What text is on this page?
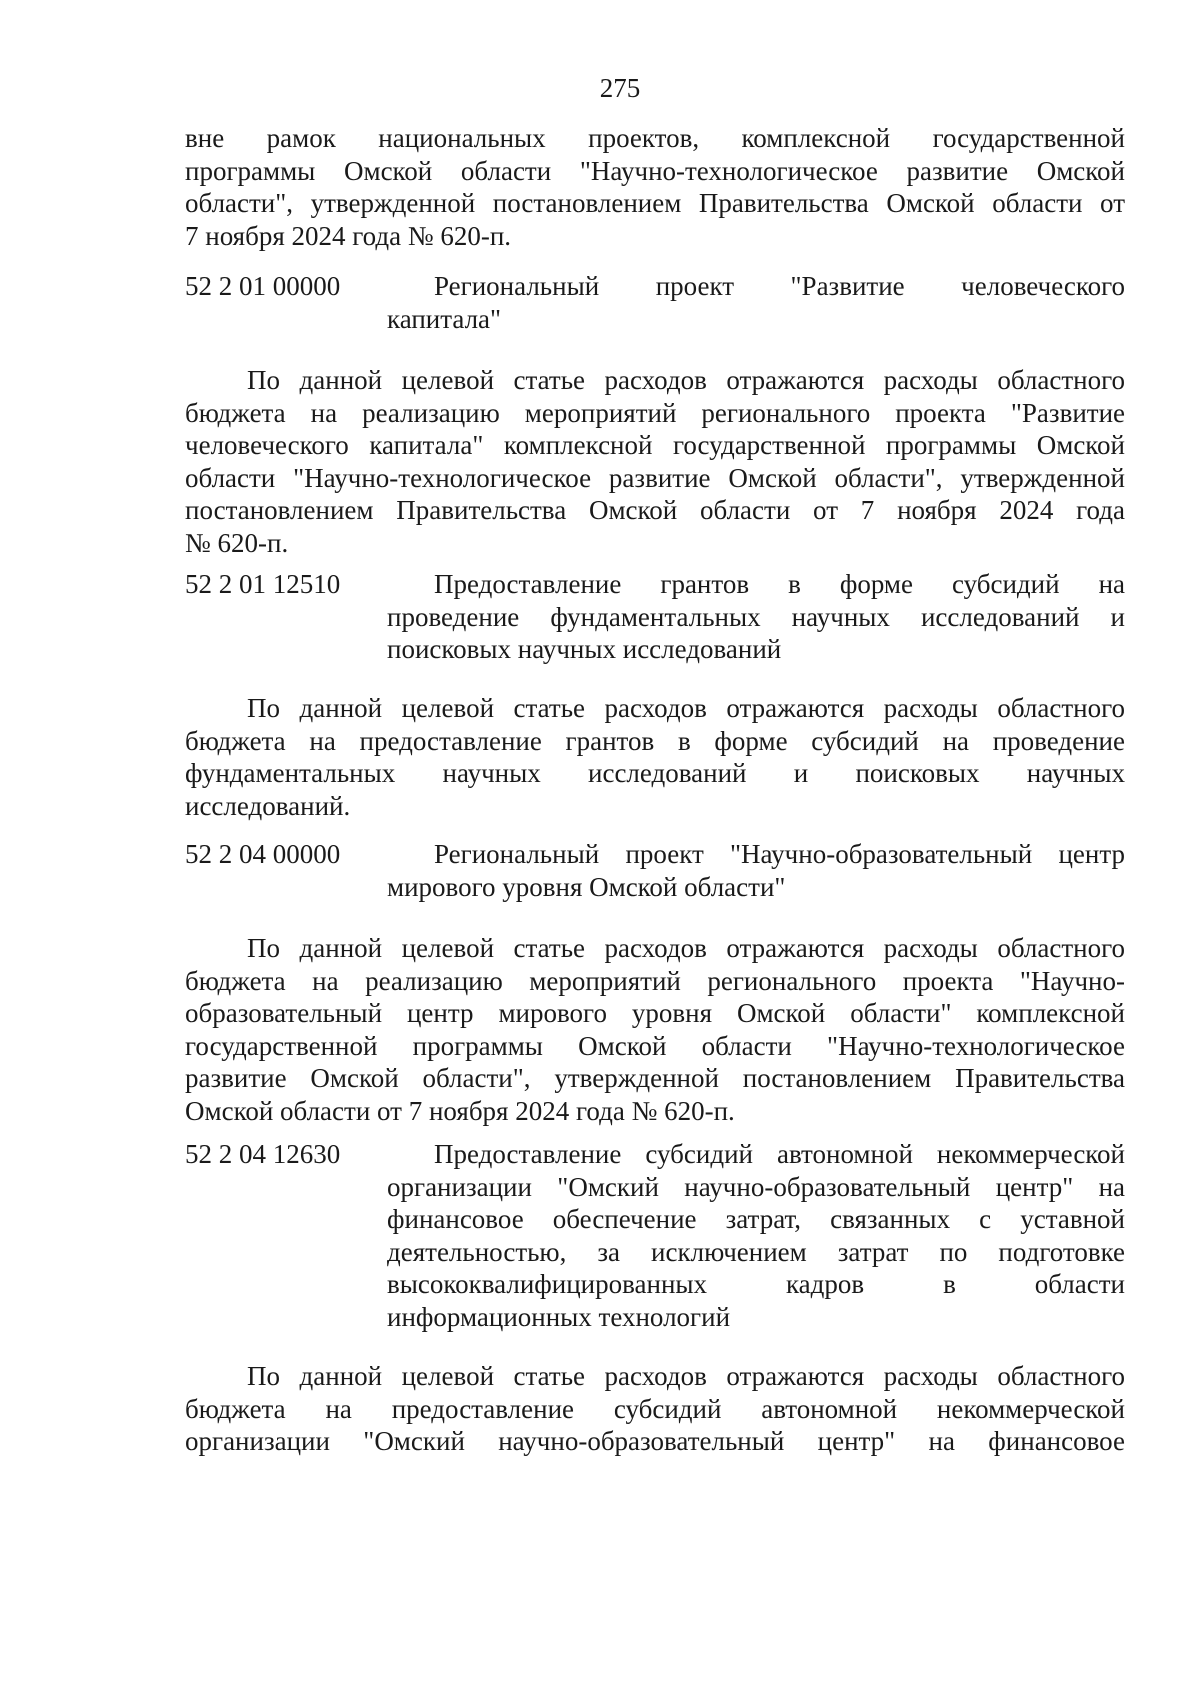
275
вне рамок национальных проектов, комплексной государственной
программы Омской области "Научно-технологическое развитие Омской
области", утвержденной постановлением Правительства Омской области от
7 ноября 2024 года № 620-п.
52 2 01 00000	Региональный проект "Развитие человеческого
капитала"
По данной целевой статье расходов отражаются расходы областного
бюджета на реализацию мероприятий регионального проекта "Развитие
человеческого капитала" комплексной государственной программы Омской
области "Научно-технологическое развитие Омской области", утвержденной
постановлением Правительства Омской области от 7 ноября 2024 года
№ 620-п.
52 2 01 12510	Предоставление грантов в форме субсидий на
проведение фундаментальных научных исследований и
поисковых научных исследований
По данной целевой статье расходов отражаются расходы областного
бюджета на предоставление грантов в форме субсидий на проведение
фундаментальных научных исследований и поисковых научных
исследований.
52 2 04 00000	Региональный проект "Научно-образовательный центр
мирового уровня Омской области"
По данной целевой статье расходов отражаются расходы областного
бюджета на реализацию мероприятий регионального проекта "Научно-
образовательный центр мирового уровня Омской области" комплексной
государственной программы Омской области "Научно-технологическое
развитие Омской области", утвержденной постановлением Правительства
Омской области от 7 ноября 2024 года № 620-п.
52 2 04 12630	Предоставление субсидий автономной некоммерческой
организации "Омский научно-образовательный центр" на
финансовое обеспечение затрат, связанных с уставной
деятельностью, за исключением затрат по подготовке
высококвалифицированных кадров в области
информационных технологий
По данной целевой статье расходов отражаются расходы областного
бюджета на предоставление субсидий автономной некоммерческой
организации "Омский научно-образовательный центр" на финансовое
